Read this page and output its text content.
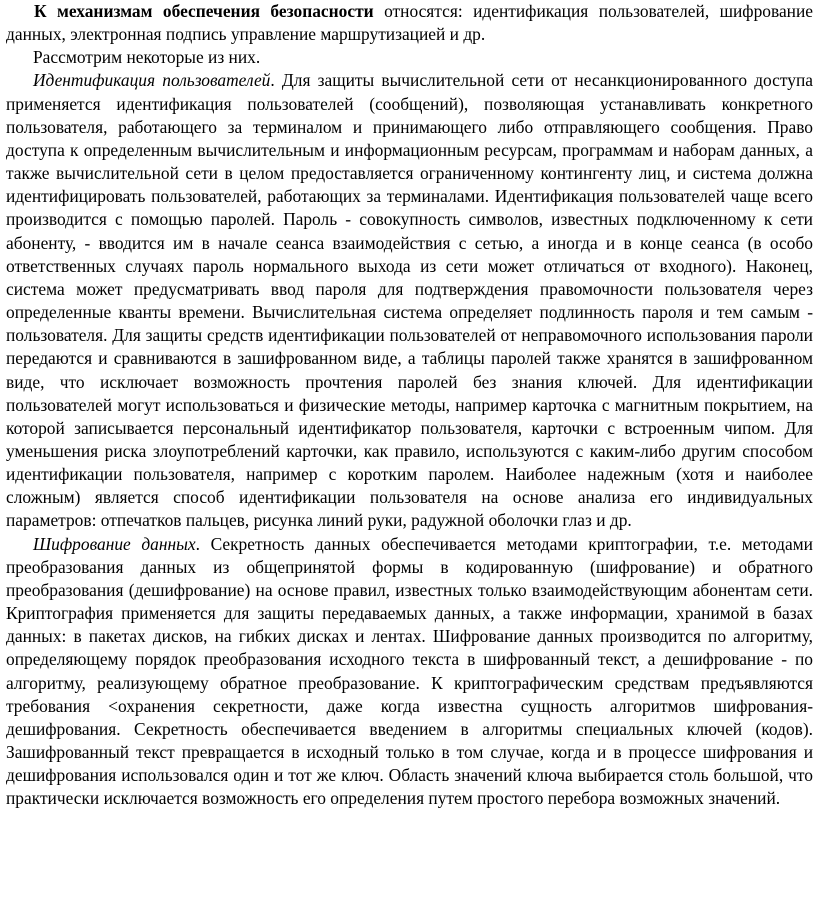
К механизмам обеспечения безопасности относятся: идентификация пользователей, шифрование данных, электронная подпись управление маршрутизацией и др.

Рассмотрим некоторые из них.

Идентификация пользователей. Для защиты вычислительной сети от несанкционированного доступа применяется идентификация пользователей (сообщений), позволяющая устанавливать конкретного пользователя, работающего за терминалом и принимающего либо отправляющего сообщения. Право доступа к определенным вычислительным и информационным ресурсам, программам и наборам данных, а также вычислительной сети в целом предоставляется ограниченному контингенту лиц, и система должна идентифицировать пользователей, работающих за терминалами. Идентификация пользователей чаще всего производится с помощью паролей. Пароль - совокупность символов, известных подключенному к сети абоненту, - вводится им в начале сеанса взаимодействия с сетью, а иногда и в конце сеанса (в особо ответственных случаях пароль нормального выхода из сети может отличаться от входного). Наконец, система может предусматривать ввод пароля для подтверждения правомочности пользователя через определенные кванты времени. Вычислительная система определяет подлинность пароля и тем самым - пользователя. Для защиты средств идентификации пользователей от неправомочного использования пароли передаются и сравниваются в зашифрованном виде, а таблицы паролей также хранятся в зашифрованном виде, что исключает возможность прочтения паролей без знания ключей. Для идентификации пользователей могут использоваться и физические методы, например карточка с магнитным покрытием, на которой записывается персональный идентификатор пользователя, карточки с встроенным чипом. Для уменьшения риска злоупотреблений карточки, как правило, используются с каким-либо другим способом идентификации пользователя, например с коротким паролем. Наиболее надежным (хотя и наиболее сложным) является способ идентификации пользователя на основе анализа его индивидуальных параметров: отпечатков пальцев, рисунка линий руки, радужной оболочки глаз и др.

Шифрование данных. Секретность данных обеспечивается методами криптографии, т.е. методами преобразования данных из общепринятой формы в кодированную (шифрование) и обратного преобразования (дешифрование) на основе правил, известных только взаимодействующим абонентам сети. Криптография применяется для защиты передаваемых данных, а также информации, хранимой в базах данных: в пакетах дисков, на гибких дисках и лентах. Шифрование данных производится по алгоритму, определяющему порядок преобразования исходного текста в шифрованный текст, а дешифрование - по алгоритму, реализующему обратное преобразование. К криптографическим средствам предъявляются требования <охранения секретности, даже когда известна сущность алгоритмов шифрования-дешифрования. Секретность обеспечивается введением в алгоритмы специальных ключей (кодов). Зашифрованный текст превращается в исходный только в том случае, когда и в процессе шифрования и дешифрования использовался один и тот же ключ. Область значений ключа выбирается столь большой, что практически исключается возможность его определения путем простого перебора возможных значений.
